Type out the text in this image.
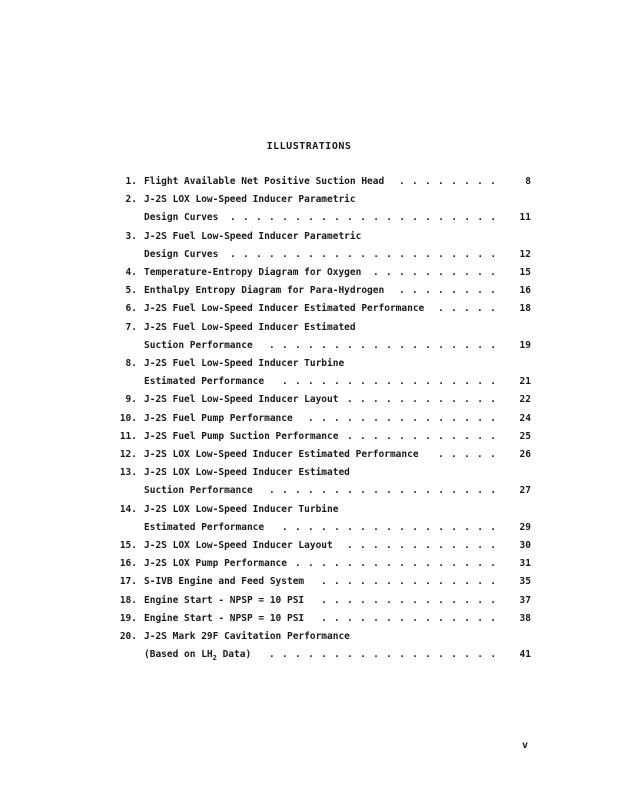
ILLUSTRATIONS
1. Flight Available Net Positive Suction Head	8
........
2. J-2S LOX Low-Speed Inducer Parametric
Design Curves	11
.....................
3. J-2S Fuel Low-Speed Inducer Parametric
Design Curves	12
.....................
4. Temperature-Entropy Diagram for Oxygen	15
..........
5. Enthalpy Entropy Diagram for Para-Hydrogen	16
........
6. J-2S Fuel Low-Speed Inducer Estimated Performance	18
.....
7. J-2S Fuel Low-Speed Inducer Estimated
Suction Performance	19
..................
8. J-2S Fuel Low-Speed Inducer Turbine
Estimated Performance	21
.................
9. J-2S Fuel Low-Speed Inducer Layout	22
............
10. J-2S Fuel Pump Performance	24
...............
11. J-2S Fuel Pump Suction Performance	25
............
12. J-2S LOX Low-Speed Inducer Estimated Performance	26
.....
13. J-2S LOX Low-Speed Inducer Estimated
Suction Performance	27
..................
14. J-2S LOX Low-Speed Inducer Turbine
Estimated Performance	29
.................
15. J-2S LOX Low-Speed Inducer Layout	30
............
16. J-2S LOX Pump Performance	31
................
17. S-IVB Engine and Feed System	35
..............
18. Engine Start - NPSP = 10 PSI	37
..............
19. Engine Start - NPSP = 10 PSI	38
..............
20. J-2S Mark 29F Cavitation Performance
(Based on $LH_2$ Data)	41
..................
v
